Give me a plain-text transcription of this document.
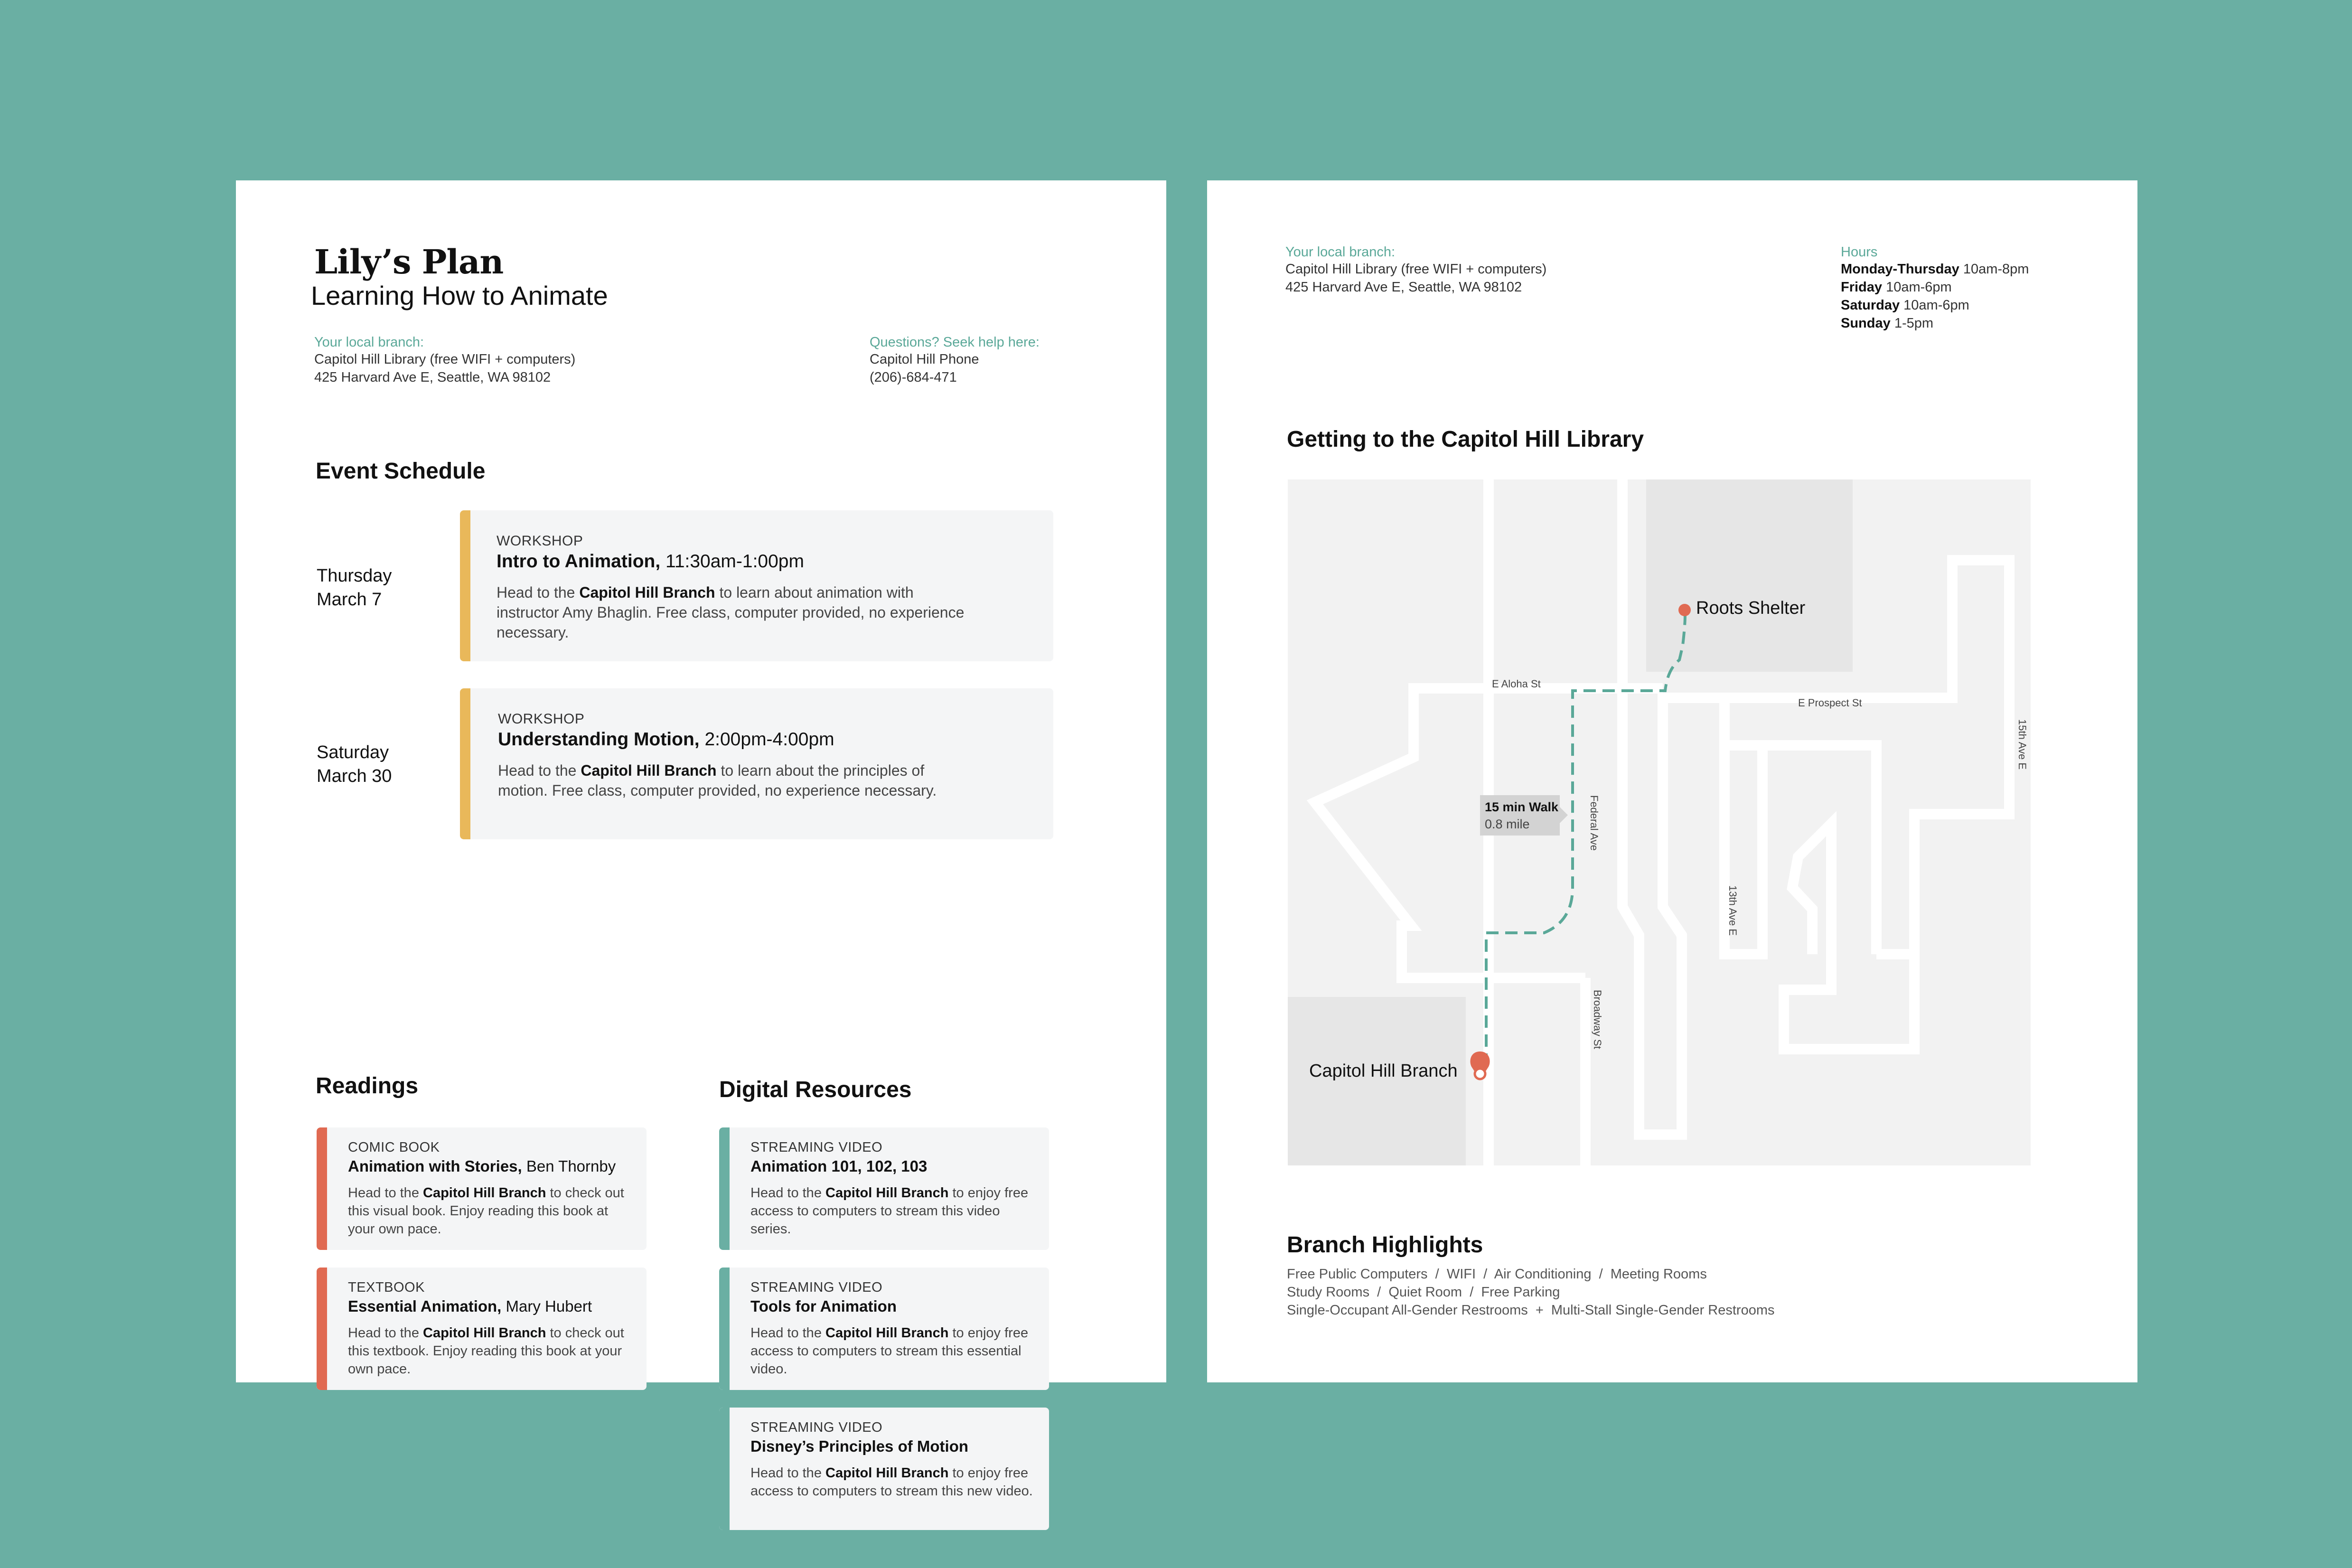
Lily’s Plan
Learning How to Animate
Your local branch:
Capitol Hill Library (free WIFI + computers)
425 Harvard Ave E, Seattle, WA 98102
Questions? Seek help here:
Capitol Hill Phone
(206)-684-471
Event Schedule
Thursday
March 7
WORKSHOP
Intro to Animation, 11:30am-1:00pm
Head to the Capitol Hill Branch to learn about animation with instructor Amy Bhaglin. Free class, computer provided, no experience necessary.
Saturday
March 30
WORKSHOP
Understanding Motion, 2:00pm-4:00pm
Head to the Capitol Hill Branch to learn about the principles of motion. Free class, computer provided, no experience necessary.
Readings
COMIC BOOK
Animation with Stories, Ben Thornby
Head to the Capitol Hill Branch to check out this visual book. Enjoy reading this book at your own pace.
TEXTBOOK
Essential Animation, Mary Hubert
Head to the Capitol Hill Branch to check out this textbook. Enjoy reading this book at your own pace.
Digital Resources
STREAMING VIDEO
Animation 101, 102, 103
Head to the Capitol Hill Branch to enjoy free access to computers to stream this video series.
STREAMING VIDEO
Tools for Animation
Head to the Capitol Hill Branch to enjoy free access to computers to stream this essential video.
STREAMING VIDEO
Disney’s Principles of Motion
Head to the Capitol Hill Branch to enjoy free access to computers to stream this new video.
Your local branch:
Capitol Hill Library (free WIFI + computers)
425 Harvard Ave E, Seattle, WA 98102
Hours
Monday-Thursday 10am-8pm
Friday 10am-6pm
Saturday 10am-6pm
Sunday 1-5pm
Getting to the Capitol Hill Library
Roots Shelter
Capitol Hill Branch
15 min Walk
0.8 mile
E Aloha St
E Prospect St
Federal Ave
Broadway St
13th Ave E
15th Ave E
Branch Highlights
Free Public Computers  /  WIFI  /  Air Conditioning  /  Meeting Rooms
Study Rooms  /  Quiet Room  /  Free Parking
Single-Occupant All-Gender Restrooms  +  Multi-Stall Single-Gender Restrooms
